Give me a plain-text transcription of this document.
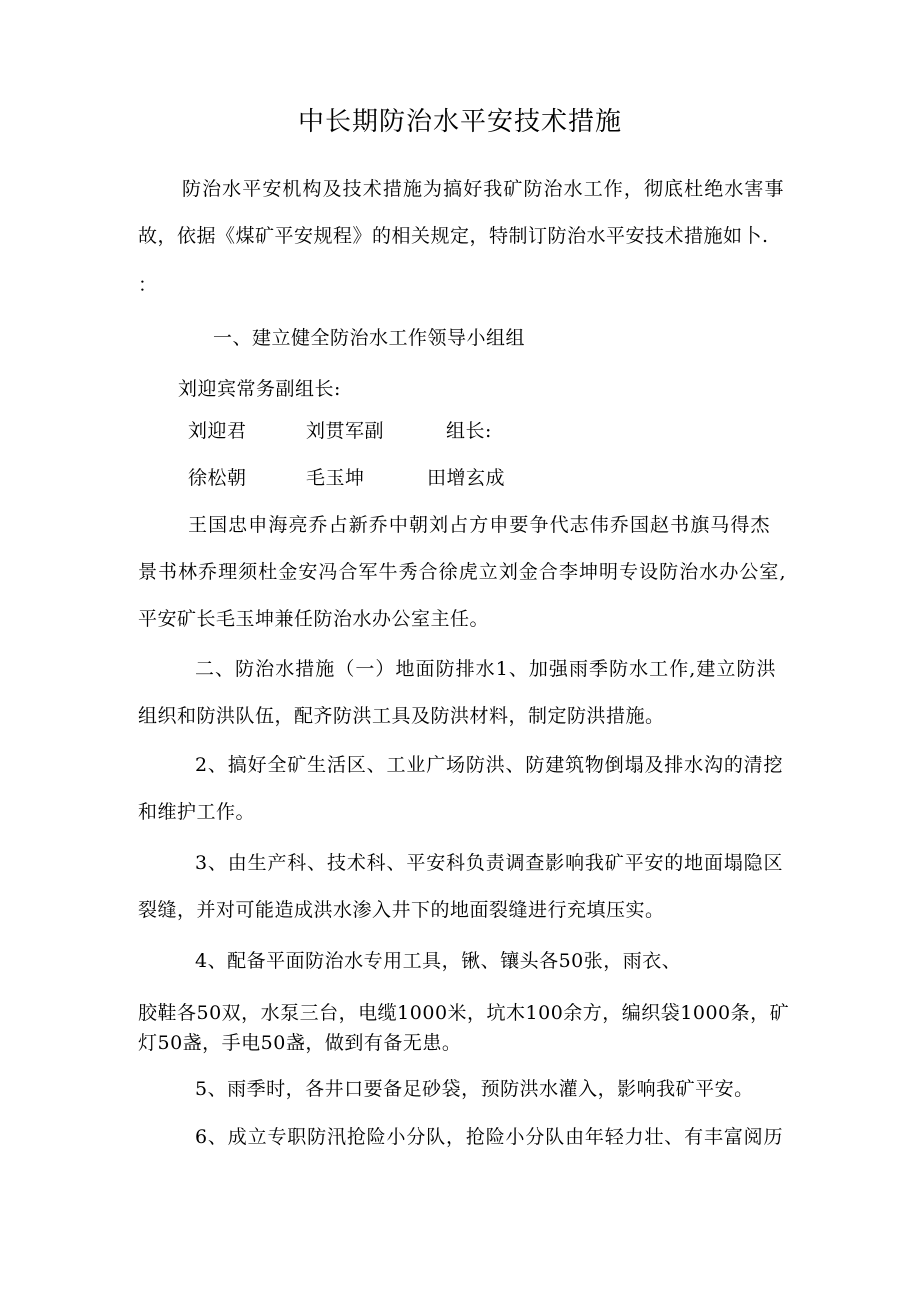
中长期防治水平安技术措施
防治水平安机构及技术措施为搞好我矿防治水工作，彻底杜绝水害事
故，依据《煤矿平安规程》的相关规定，特制订防治水平安技术措施如卜.
：
一、建立健全防治水工作领导小组组
刘迎宾常务副组长:
刘迎君	刘贯军副	组长:
徐松朝	毛玉坤	田增玄成
王国忠申海亮乔占新乔中朝刘占方申要争代志伟乔国赵书旗马得杰
景书林乔理须杜金安冯合军牛秀合徐虎立刘金合李坤明专设防治水办公室,
平安矿长毛玉坤兼任防治水办公室主任。
二、防治水措施（一）地面防排水1、加强雨季防水工作,建立防洪
组织和防洪队伍，配齐防洪工具及防洪材料，制定防洪措施。
2、搞好全矿生活区、工业广场防洪、防建筑物倒塌及排水沟的清挖
和维护工作。
3、由生产科、技术科、平安科负责调查影响我矿平安的地面塌隐区
裂缝，并对可能造成洪水渗入井下的地面裂缝进行充填压实。
4、配备平面防治水专用工具，锹、镶头各50张，雨衣、
胶鞋各50双，水泵三台，电缆1000米，坑木100余方，编织袋1000条，矿
灯50盏，手电50盏，做到有备无患。
5、雨季时，各井口要备足砂袋，预防洪水灌入，影响我矿平安。
6、成立专职防汛抢险小分队，抢险小分队由年轻力壮、有丰富阅历
